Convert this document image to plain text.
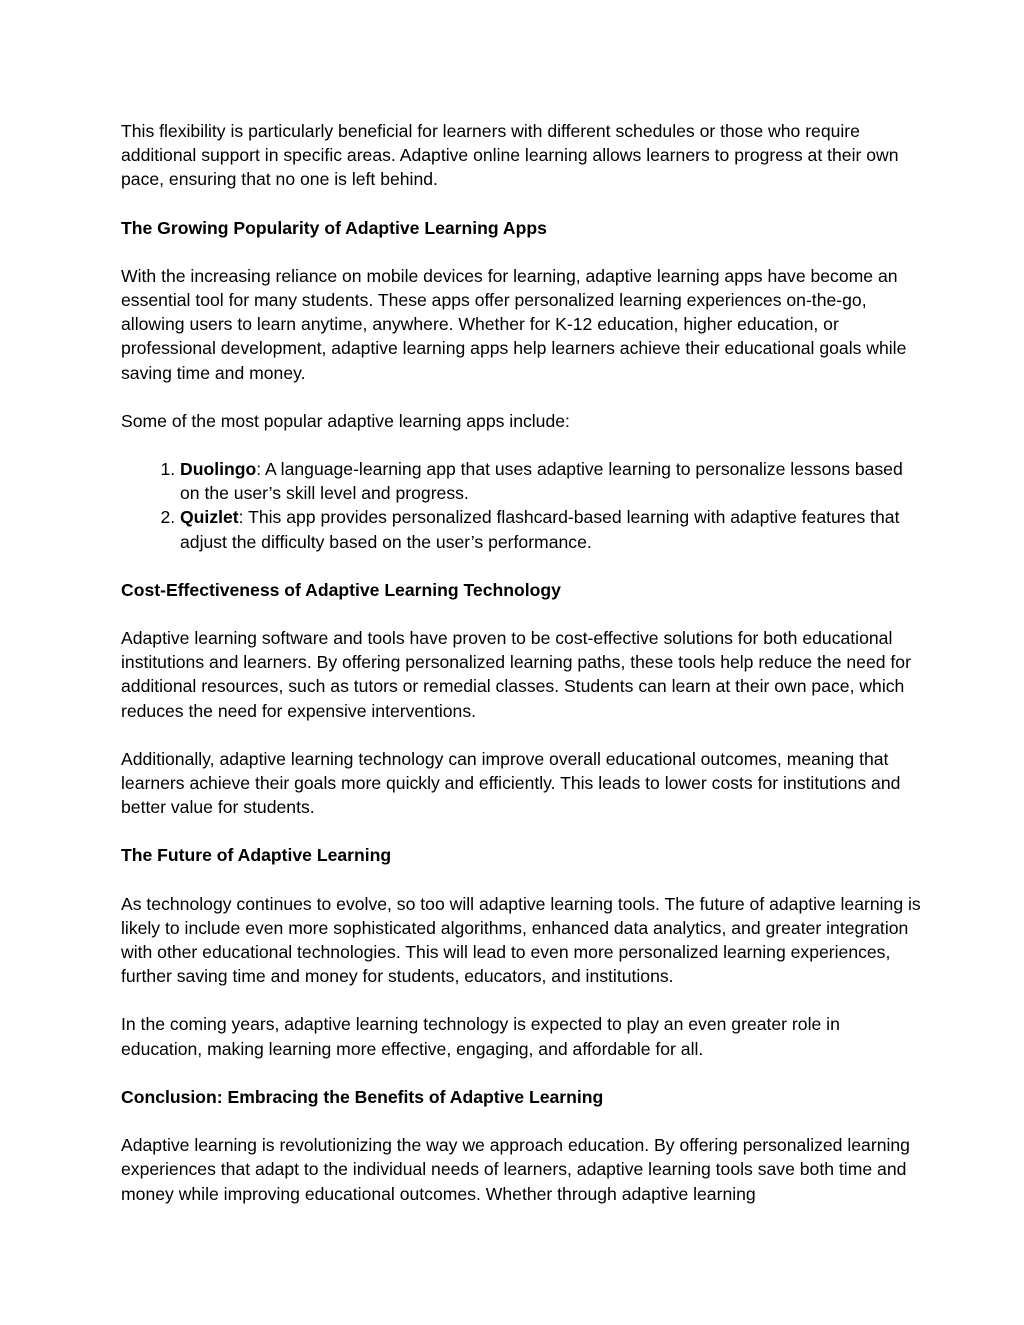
This flexibility is particularly beneficial for learners with different schedules or those who require additional support in specific areas. Adaptive online learning allows learners to progress at their own pace, ensuring that no one is left behind.

The Growing Popularity of Adaptive Learning Apps

With the increasing reliance on mobile devices for learning, adaptive learning apps have become an essential tool for many students. These apps offer personalized learning experiences on-the-go, allowing users to learn anytime, anywhere. Whether for K-12 education, higher education, or professional development, adaptive learning apps help learners achieve their educational goals while saving time and money.

Some of the most popular adaptive learning apps include:

1. Duolingo: A language-learning app that uses adaptive learning to personalize lessons based on the user’s skill level and progress.
2. Quizlet: This app provides personalized flashcard-based learning with adaptive features that adjust the difficulty based on the user’s performance.

Cost-Effectiveness of Adaptive Learning Technology

Adaptive learning software and tools have proven to be cost-effective solutions for both educational institutions and learners. By offering personalized learning paths, these tools help reduce the need for additional resources, such as tutors or remedial classes. Students can learn at their own pace, which reduces the need for expensive interventions.

Additionally, adaptive learning technology can improve overall educational outcomes, meaning that learners achieve their goals more quickly and efficiently. This leads to lower costs for institutions and better value for students.

The Future of Adaptive Learning

As technology continues to evolve, so too will adaptive learning tools. The future of adaptive learning is likely to include even more sophisticated algorithms, enhanced data analytics, and greater integration with other educational technologies. This will lead to even more personalized learning experiences, further saving time and money for students, educators, and institutions.

In the coming years, adaptive learning technology is expected to play an even greater role in education, making learning more effective, engaging, and affordable for all.

Conclusion: Embracing the Benefits of Adaptive Learning

Adaptive learning is revolutionizing the way we approach education. By offering personalized learning experiences that adapt to the individual needs of learners, adaptive learning tools save both time and money while improving educational outcomes. Whether through adaptive learning
